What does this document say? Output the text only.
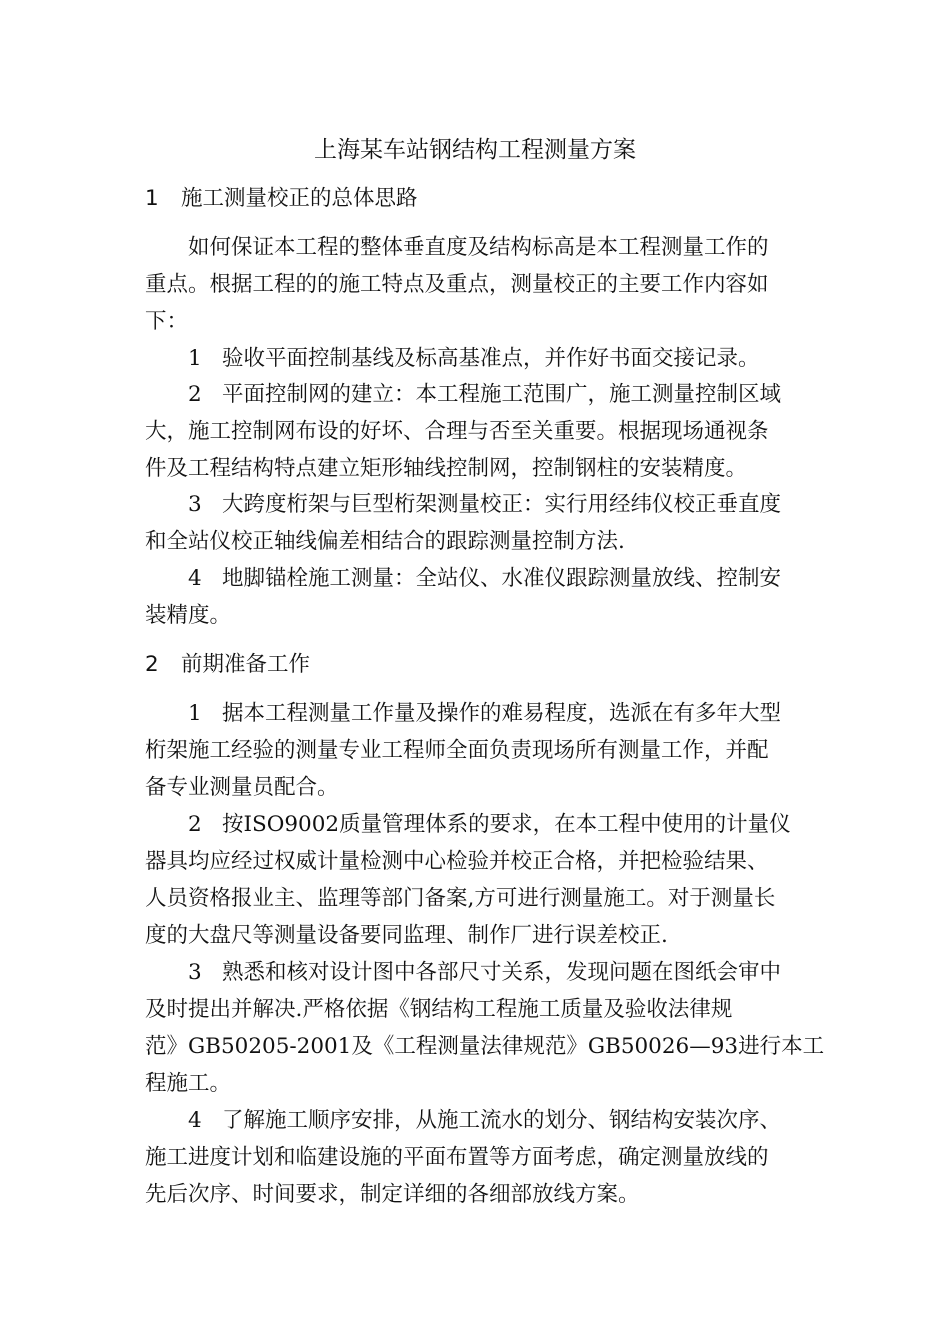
上海某车站钢结构工程测量方案
1 施工测量校正的总体思路
如何保证本工程的整体垂直度及结构标高是本工程测量工作的
重点。根据工程的的施工特点及重点，测量校正的主要工作内容如
下：
1 验收平面控制基线及标高基准点，并作好书面交接记录。
2 平面控制网的建立：本工程施工范围广，施工测量控制区域
大，施工控制网布设的好坏、合理与否至关重要。根据现场通视条
件及工程结构特点建立矩形轴线控制网，控制钢柱的安装精度。
3 大跨度桁架与巨型桁架测量校正：实行用经纬仪校正垂直度
和全站仪校正轴线偏差相结合的跟踪测量控制方法.
4 地脚锚栓施工测量：全站仪、水准仪跟踪测量放线、控制安
装精度。
2 前期准备工作
1 据本工程测量工作量及操作的难易程度，选派在有多年大型
桁架施工经验的测量专业工程师全面负责现场所有测量工作，并配
备专业测量员配合。
2 按ISO9002质量管理体系的要求，在本工程中使用的计量仪
器具均应经过权威计量检测中心检验并校正合格，并把检验结果、
人员资格报业主、监理等部门备案,方可进行测量施工。对于测量长
度的大盘尺等测量设备要同监理、制作厂进行误差校正.
3 熟悉和核对设计图中各部尺寸关系，发现问题在图纸会审中
及时提出并解决.严格依据《钢结构工程施工质量及验收法律规
范》GB50205-2001及《工程测量法律规范》GB50026—93进行本工
程施工。
4 了解施工顺序安排，从施工流水的划分、钢结构安装次序、
施工进度计划和临建设施的平面布置等方面考虑，确定测量放线的
先后次序、时间要求，制定详细的各细部放线方案。
